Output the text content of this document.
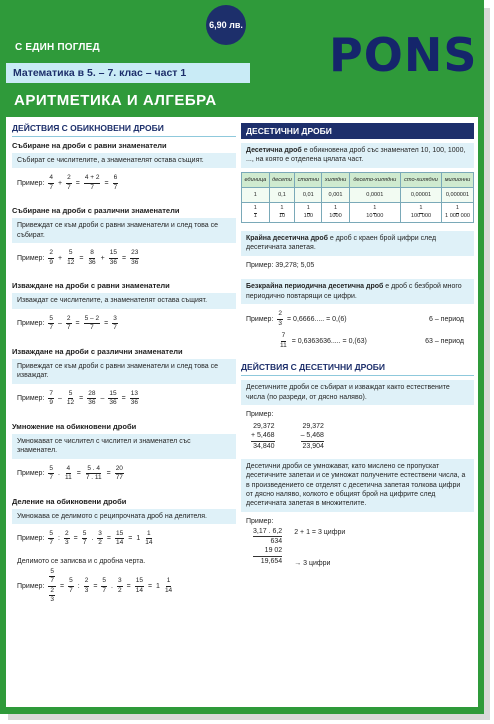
6,90 лв.
С ЕДИН ПОГЛЕД	PONS
Математика в 5. – 7. клас – част 1
АРИТМЕТИКА И АЛГЕБРА
ДЕЙСТВИЯ С ОБИКНОВЕНИ ДРОБИ
Събиране на дроби с равни знаменатели
Събират се числителите, а знаменателят остава същият.
Пример: $\frac{4}{7} + \frac{2}{7} = \frac{4 + 2}{7} = \frac{6}{7}$
Събиране на дроби с различни знаменатели
Привеждат се към дроби с равни знаменатели и след това се събират.
Пример: $\frac{2}{9} + \frac{5}{12} = \frac{8}{36} + \frac{15}{36} = \frac{23}{36}$
Изваждане на дроби с равни знаменатели
Изваждат се числителите, а знаменателят остава същият.
Пример: $\frac{5}{7} - \frac{2}{7} = \frac{5 - 2}{7} = \frac{3}{7}$
Изваждане на дроби с различни знаменатели
Привеждат се към дроби с равни знаменатели и след това се изваждат.
Пример: $\frac{7}{9} - \frac{5}{12} = \frac{28}{36} - \frac{15}{36} = \frac{13}{36}$
Умножение на обикновени дроби
Умножават се числител с числител и знаменател със знаменател.
Пример: $\frac{5}{7}$ . $\frac{4}{11} = \frac{5 . 4}{7 . 11} = \frac{20}{77}$
Деление на обикновени дроби
Умножава се делимото с реципрочната дроб на делителя.
Пример: $\frac{5}{7}$ : $\frac{2}{3} = \frac{5}{7}$ . $\frac{3}{2} = \frac{15}{14} = 1 \frac{1}{14}$
Делимото се записва и с дробна черта.
Пример: $\frac{\frac{5}{7}}{\frac{2}{3}} = \frac{5}{7}$ : $\frac{2}{3} = \frac{5}{7}$ . $\frac{3}{2} = \frac{15}{14} = 1 \frac{1}{14}$
ДЕСЕТИЧНИ ДРОБИ
Десетична дроб е обикновена дроб със знаменател 10, 100, 1000, ..., на която е отделена цялата част.
единица	десети	стотни	хилядни	десето-хилядни	сто-хилядни	милионни
1	0,1	0,01	0,001	0,0001	0,00001	0,000001

$\frac{1}{1}$	$\frac{1}{10}$	$\frac{1}{100}$	$\frac{1}{1000}$	$\frac{1}{10 000}$	$\frac{1}{100 000}$	$\frac{1}{1 000 000}$
Крайна десетична дроб е дроб с краен брой цифри след десетичната запетая.
Пример: 39,278; 5,05
Безкрайна периодична десетична дроб е дроб с безброй много периодично повтарящи се цифри.
Пример: $\frac{2}{3} = 0,6666$..... = 0,(6)	6 – период
$\frac{7}{11} = 0,6363636$..... = 0,(63)	63 – период
ДЕЙСТВИЯ С ДЕСЕТИЧНИ ДРОБИ
Десетичните дроби се събират и изваждат както естествените числа (по разреди, от дясно наляво).
Пример:
29,372
+ 5,468
34,840
29,372
– 5,468
23,904
Десетични дроби се умножават, като мислено се пропускат десетичните запетаи и се умножат получените естествени числа, а в произведението се отделят с десетична запетая толкова цифри от дясно наляво, колкото е общият брой на цифрите след десетичната запетая в множителите.
Пример:
3,17 . 6,2
634
19 02
19,654
2 + 1 = 3 цифри
→ 3 цифри
